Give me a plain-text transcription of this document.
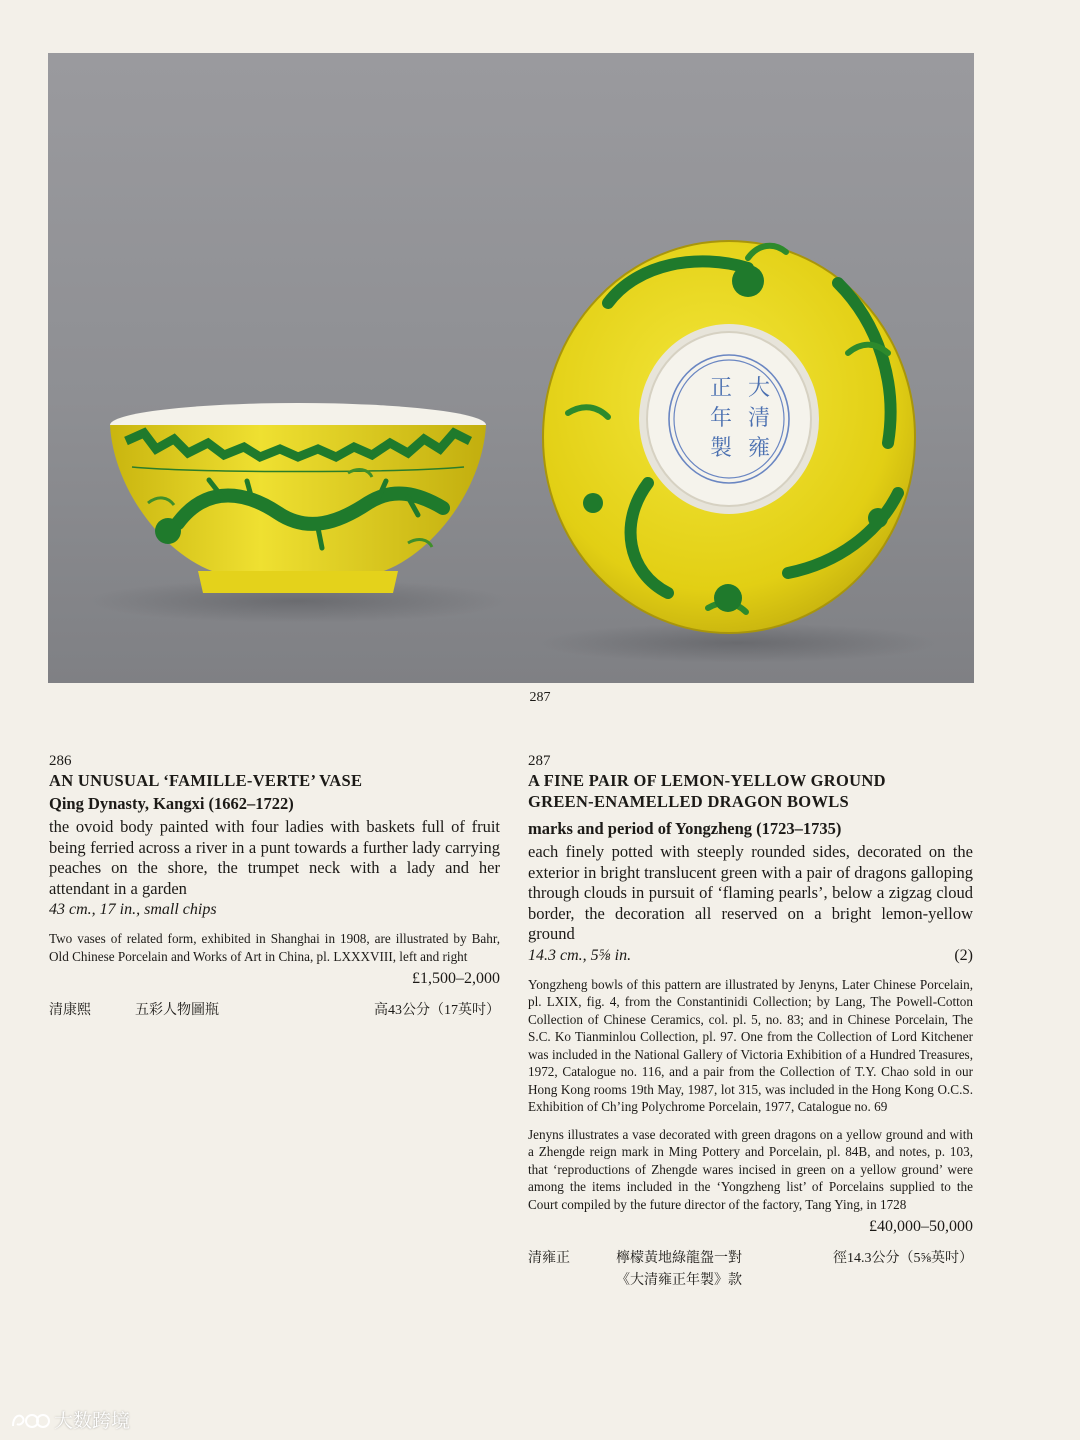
大
清
雍
正
年
製
287
286
AN UNUSUAL ‘FAMILLE-VERTE’ VASE
Qing Dynasty, Kangxi (1662–1722)
the ovoid body painted with four ladies with baskets full of fruit being ferried across a river in a punt towards a further lady carrying peaches on the shore, the trumpet neck with a lady and her attendant in a garden
43 cm., 17 in., small chips
Two vases of related form, exhibited in Shanghai in 1908, are illustrated by Bahr, Old Chinese Porcelain and Works of Art in China, pl. LXXXVIII, left and right
£1,500–2,000
清康熙	五彩人物圖瓶	高43公分（17英吋）
287
A FINE PAIR OF LEMON-YELLOW GROUND
GREEN-ENAMELLED DRAGON BOWLS
marks and period of Yongzheng (1723–1735)
each finely potted with steeply rounded sides, decorated on the exterior in bright translucent green with a pair of dragons galloping through clouds in pursuit of ‘flaming pearls’, below a zigzag cloud border, the decoration all reserved on a bright lemon-yellow ground
14.3 cm., 5⅝ in.	(2)
Yongzheng bowls of this pattern are illustrated by Jenyns, Later Chinese Porcelain, pl. LXIX, fig. 4, from the Constantinidi Collection; by Lang, The Powell-Cotton Collection of Chinese Ceramics, col. pl. 5, no. 83; and in Chinese Porcelain, The S.C. Ko Tianminlou Collection, pl. 97. One from the Collection of Lord Kitchener was included in the National Gallery of Victoria Exhibition of a Hundred Treasures, 1972, Catalogue no. 116, and a pair from the Collection of T.Y. Chao sold in our Hong Kong rooms 19th May, 1987, lot 315, was included in the Hong Kong O.C.S. Exhibition of Ch’ing Polychrome Porcelain, 1977, Catalogue no. 69
Jenyns illustrates a vase decorated with green dragons on a yellow ground and with a Zhengde reign mark in Ming Pottery and Porcelain, pl. 84B, and notes, p. 103, that ‘reproductions of Zhengde wares incised in green on a yellow ground’ were among the items included in the ‘Yongzheng list’ of Porcelains supplied to the Court compiled by the future director of the factory, Tang Ying, in 1728
£40,000–50,000
清雍正	檸檬黃地綠龍盌一對	徑14.3公分（5⅝英吋）
《大清雍正年製》款
大数跨境
